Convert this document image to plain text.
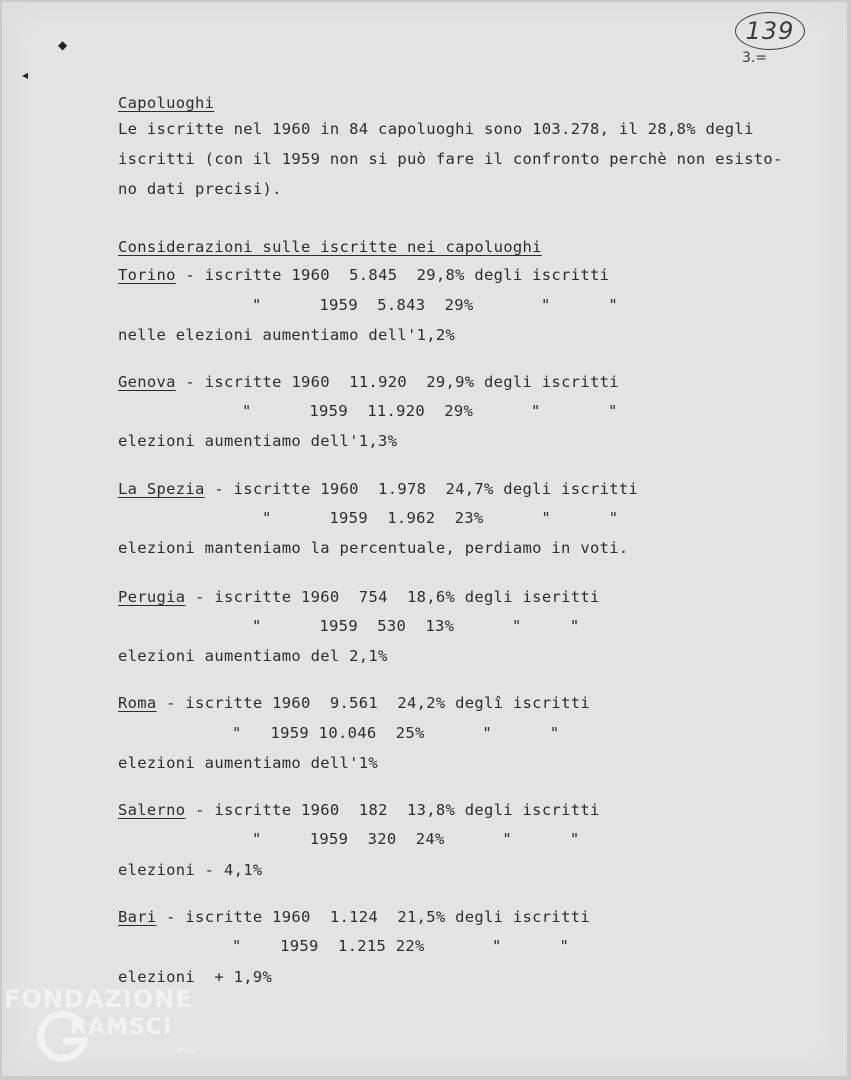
◆
◂
139
3.=
Capoluoghi
Le iscritte nel 1960 in 84 capoluoghi sono 103.278, il 28,8% degli
iscritti (con il 1959 non si può fare il confronto perchè non esisto-
no dati precisi).
Considerazioni sulle iscritte nei capoluoghi
Torino - iscritte 1960  5.845  29,8% degli iscritti
"      1959  5.843  29%       "      "
nelle elezioni aumentiamo dell'1,2%
Genova - iscritte 1960  11.920  29,9% degli iscritti
"      1959  11.920  29%      "       "
elezioni aumentiamo dell'1,3%
La Spezia - iscritte 1960  1.978  24,7% degli iscritti
"      1959  1.962  23%      "      "
elezioni manteniamo la percentuale, perdiamo in voti.
Perugia - iscritte 1960  754  18,6% degli iseritti
"      1959  530  13%      "     "
elezioni aumentiamo del 2,1%
Roma - iscritte 1960  9.561  24,2% deglî iscritti
"   1959 10.046  25%      "      "
elezioni aumentiamo dell'1%
Salerno - iscritte 1960  182  13,8% degli iscritti
"     1959  320  24%      "      "
elezioni - 4,1%
Bari - iscritte 1960  1.124  21,5% degli iscritti
"    1959  1.215 22%       "      "
elezioni  + 1,9%
FONDAZIONE
RAMSCI
onlus
